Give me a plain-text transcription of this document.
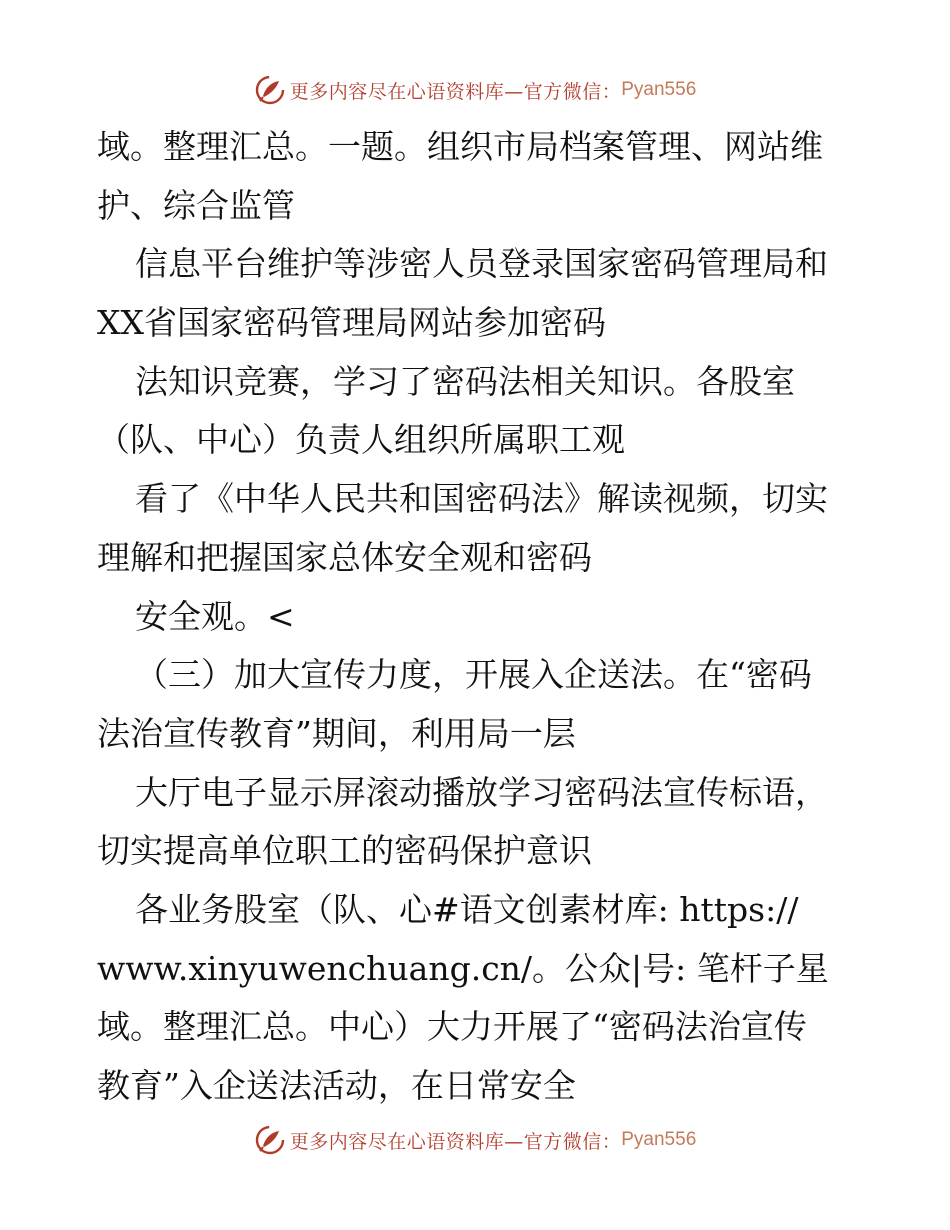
更多内容尽在心语资料库—官方微信： Pyan556
域。整理汇总。一题。组织市局档案管理、网站维
护、综合监管
信息平台维护等涉密人员登录国家密码管理局和
XX省国家密码管理局网站参加密码
法知识竞赛，学习了密码法相关知识。各股室
（队、中心）负责人组织所属职工观
看了《中华人民共和国密码法》解读视频，切实
理解和把握国家总体安全观和密码
安全观。<
（三）加大宣传力度，开展入企送法。在“密码
法治宣传教育”期间，利用局一层
大厅电子显示屏滚动播放学习密码法宣传标语，
切实提高单位职工的密码保护意识
各业务股室（队、心#语文创素材库: https://
www.xinyuwenchuang.cn/。公众|号: 笔杆子星
域。整理汇总。中心）大力开展了“密码法治宣传
教育”入企送法活动，在日常安全
更多内容尽在心语资料库—官方微信： Pyan556
